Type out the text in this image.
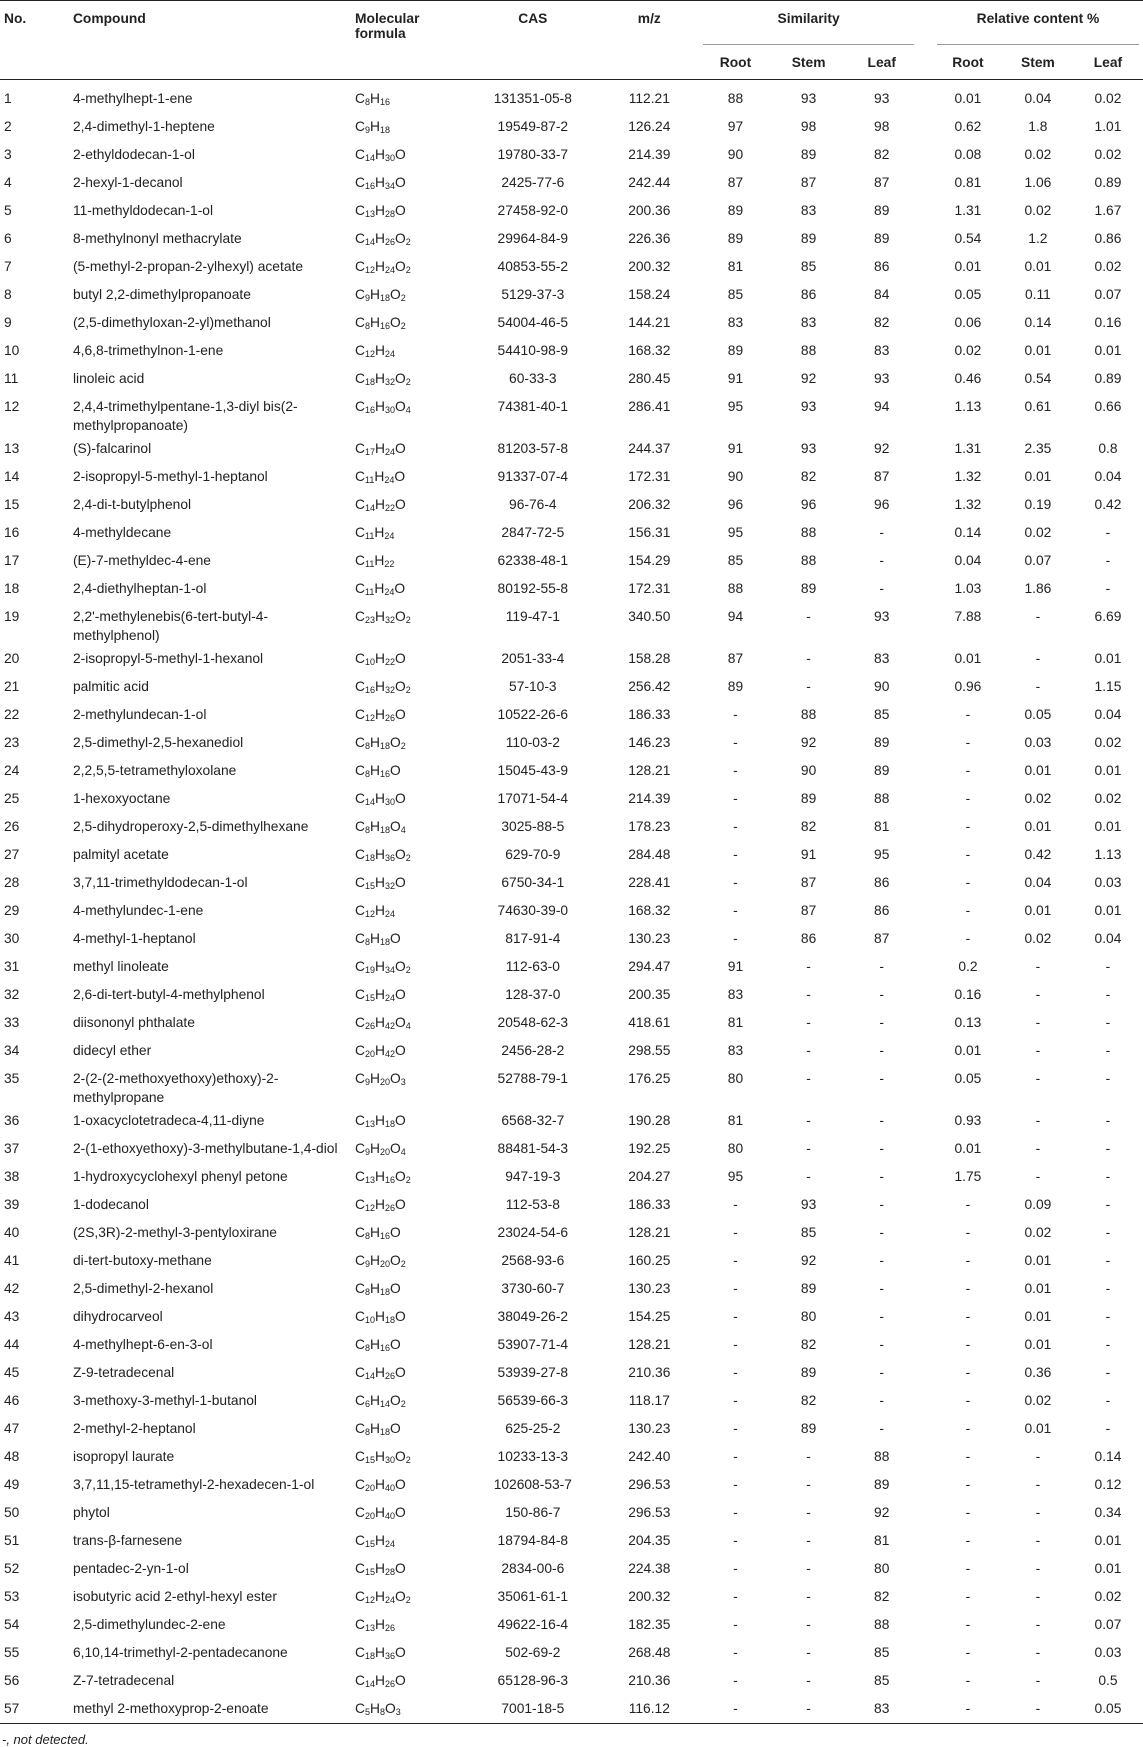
No.	Compound	Molecular formula	CAS	m/z	Similarity				Relative content %		

					Root	Stem	Leaf		Root	Stem	Leaf
1	4-methylhept-1-ene	$C_8H_{16}$	131351-05-8	112.21	88	93	93		0.01	0.04	0.02
2	2,4-dimethyl-1-heptene	$C_9H_{18}$	19549-87-2	126.24	97	98	98		0.62	1.8	1.01
3	2-ethyldodecan-1-ol	$C_{14}H_{30}O$	19780-33-7	214.39	90	89	82		0.08	0.02	0.02
4	2-hexyl-1-decanol	$C_{16}H_{34}O$	2425-77-6	242.44	87	87	87		0.81	1.06	0.89
5	11-methyldodecan-1-ol	$C_{13}H_{28}O$	27458-92-0	200.36	89	83	89		1.31	0.02	1.67
6	8-methylnonyl methacrylate	$C_{14}H_{26}O_2$	29964-84-9	226.36	89	89	89		0.54	1.2	0.86
7	(5-methyl-2-propan-2-ylhexyl) acetate	$C_{12}H_{24}O_2$	40853-55-2	200.32	81	85	86		0.01	0.01	0.02
8	butyl 2,2-dimethylpropanoate	$C_9H_{18}O_2$	5129-37-3	158.24	85	86	84		0.05	0.11	0.07
9	(2,5-dimethyloxan-2-yl)methanol	$C_8H_{16}O_2$	54004-46-5	144.21	83	83	82		0.06	0.14	0.16
10	4,6,8-trimethylnon-1-ene	$C_{12}H_{24}$	54410-98-9	168.32	89	88	83		0.02	0.01	0.01
11	linoleic acid	$C_{18}H_{32}O_2$	60-33-3	280.45	91	92	93		0.46	0.54	0.89
12	2,4,4-trimethylpentane-1,3-diyl bis(2-methylpropanoate)	$C_{16}H_{30}O_4$	74381-40-1	286.41	95	93	94		1.13	0.61	0.66
13	(S)-falcarinol	$C_{17}H_{24}O$	81203-57-8	244.37	91	93	92		1.31	2.35	0.8
14	2-isopropyl-5-methyl-1-heptanol	$C_{11}H_{24}O$	91337-07-4	172.31	90	82	87		1.32	0.01	0.04
15	2,4-di-t-butylphenol	$C_{14}H_{22}O$	96-76-4	206.32	96	96	96		1.32	0.19	0.42
16	4-methyldecane	$C_{11}H_{24}$	2847-72-5	156.31	95	88	-		0.14	0.02	-
17	(E)-7-methyldec-4-ene	$C_{11}H_{22}$	62338-48-1	154.29	85	88	-		0.04	0.07	-
18	2,4-diethylheptan-1-ol	$C_{11}H_{24}O$	80192-55-8	172.31	88	89	-		1.03	1.86	-
19	2,2'-methylenebis(6-tert-butyl-4-methylphenol)	$C_{23}H_{32}O_2$	119-47-1	340.50	94	-	93		7.88	-	6.69
20	2-isopropyl-5-methyl-1-hexanol	$C_{10}H_{22}O$	2051-33-4	158.28	87	-	83		0.01	-	0.01
21	palmitic acid	$C_{16}H_{32}O_2$	57-10-3	256.42	89	-	90		0.96	-	1.15
22	2-methylundecan-1-ol	$C_{12}H_{26}O$	10522-26-6	186.33	-	88	85		-	0.05	0.04
23	2,5-dimethyl-2,5-hexanediol	$C_8H_{18}O_2$	110-03-2	146.23	-	92	89		-	0.03	0.02
24	2,2,5,5-tetramethyloxolane	$C_8H_{16}O$	15045-43-9	128.21	-	90	89		-	0.01	0.01
25	1-hexoxyoctane	$C_{14}H_{30}O$	17071-54-4	214.39	-	89	88		-	0.02	0.02
26	2,5-dihydroperoxy-2,5-dimethylhexane	$C_8H_{18}O_4$	3025-88-5	178.23	-	82	81		-	0.01	0.01
27	palmityl acetate	$C_{18}H_{36}O_2$	629-70-9	284.48	-	91	95		-	0.42	1.13
28	3,7,11-trimethyldodecan-1-ol	$C_{15}H_{32}O$	6750-34-1	228.41	-	87	86		-	0.04	0.03
29	4-methylundec-1-ene	$C_{12}H_{24}$	74630-39-0	168.32	-	87	86		-	0.01	0.01
30	4-methyl-1-heptanol	$C_8H_{18}O$	817-91-4	130.23	-	86	87		-	0.02	0.04
31	methyl linoleate	$C_{19}H_{34}O_2$	112-63-0	294.47	91	-	-		0.2	-	-
32	2,6-di-tert-butyl-4-methylphenol	$C_{15}H_{24}O$	128-37-0	200.35	83	-	-		0.16	-	-
33	diisononyl phthalate	$C_{26}H_{42}O_4$	20548-62-3	418.61	81	-	-		0.13	-	-
34	didecyl ether	$C_{20}H_{42}O$	2456-28-2	298.55	83	-	-		0.01	-	-
35	2-(2-(2-methoxyethoxy)ethoxy)-2-methylpropane	$C_9H_{20}O_3$	52788-79-1	176.25	80	-	-		0.05	-	-
36	1-oxacyclotetradeca-4,11-diyne	$C_{13}H_{18}O$	6568-32-7	190.28	81	-	-		0.93	-	-
37	2-(1-ethoxyethoxy)-3-methylbutane-1,4-diol	$C_9H_{20}O_4$	88481-54-3	192.25	80	-	-		0.01	-	-
38	1-hydroxycyclohexyl phenyl petone	$C_{13}H_{16}O_2$	947-19-3	204.27	95	-	-		1.75	-	-
39	1-dodecanol	$C_{12}H_{26}O$	112-53-8	186.33	-	93	-		-	0.09	-
40	(2S,3R)-2-methyl-3-pentyloxirane	$C_8H_{16}O$	23024-54-6	128.21	-	85	-		-	0.02	-
41	di-tert-butoxy-methane	$C_9H_{20}O_2$	2568-93-6	160.25	-	92	-		-	0.01	-
42	2,5-dimethyl-2-hexanol	$C_8H_{18}O$	3730-60-7	130.23	-	89	-		-	0.01	-
43	dihydrocarveol	$C_{10}H_{18}O$	38049-26-2	154.25	-	80	-		-	0.01	-
44	4-methylhept-6-en-3-ol	$C_8H_{16}O$	53907-71-4	128.21	-	82	-		-	0.01	-
45	Z-9-tetradecenal	$C_{14}H_{26}O$	53939-27-8	210.36	-	89	-		-	0.36	-
46	3-methoxy-3-methyl-1-butanol	$C_6H_{14}O_2$	56539-66-3	118.17	-	82	-		-	0.02	-
47	2-methyl-2-heptanol	$C_8H_{18}O$	625-25-2	130.23	-	89	-		-	0.01	-
48	isopropyl laurate	$C_{15}H_{30}O_2$	10233-13-3	242.40	-	-	88		-	-	0.14
49	3,7,11,15-tetramethyl-2-hexadecen-1-ol	$C_{20}H_{40}O$	102608-53-7	296.53	-	-	89		-	-	0.12
50	phytol	$C_{20}H_{40}O$	150-86-7	296.53	-	-	92		-	-	0.34
51	trans-β-farnesene	$C_{15}H_{24}$	18794-84-8	204.35	-	-	81		-	-	0.01
52	pentadec-2-yn-1-ol	$C_{15}H_{28}O$	2834-00-6	224.38	-	-	80		-	-	0.01
53	isobutyric acid 2-ethyl-hexyl ester	$C_{12}H_{24}O_2$	35061-61-1	200.32	-	-	82		-	-	0.02
54	2,5-dimethylundec-2-ene	$C_{13}H_{26}$	49622-16-4	182.35	-	-	88		-	-	0.07
55	6,10,14-trimethyl-2-pentadecanone	$C_{18}H_{36}O$	502-69-2	268.48	-	-	85		-	-	0.03
56	Z-7-tetradecenal	$C_{14}H_{26}O$	65128-96-3	210.36	-	-	85		-	-	0.5
57	methyl 2-methoxyprop-2-enoate	$C_5H_8O_3$	7001-18-5	116.12	-	-	83		-	-	0.05
-, not detected.
